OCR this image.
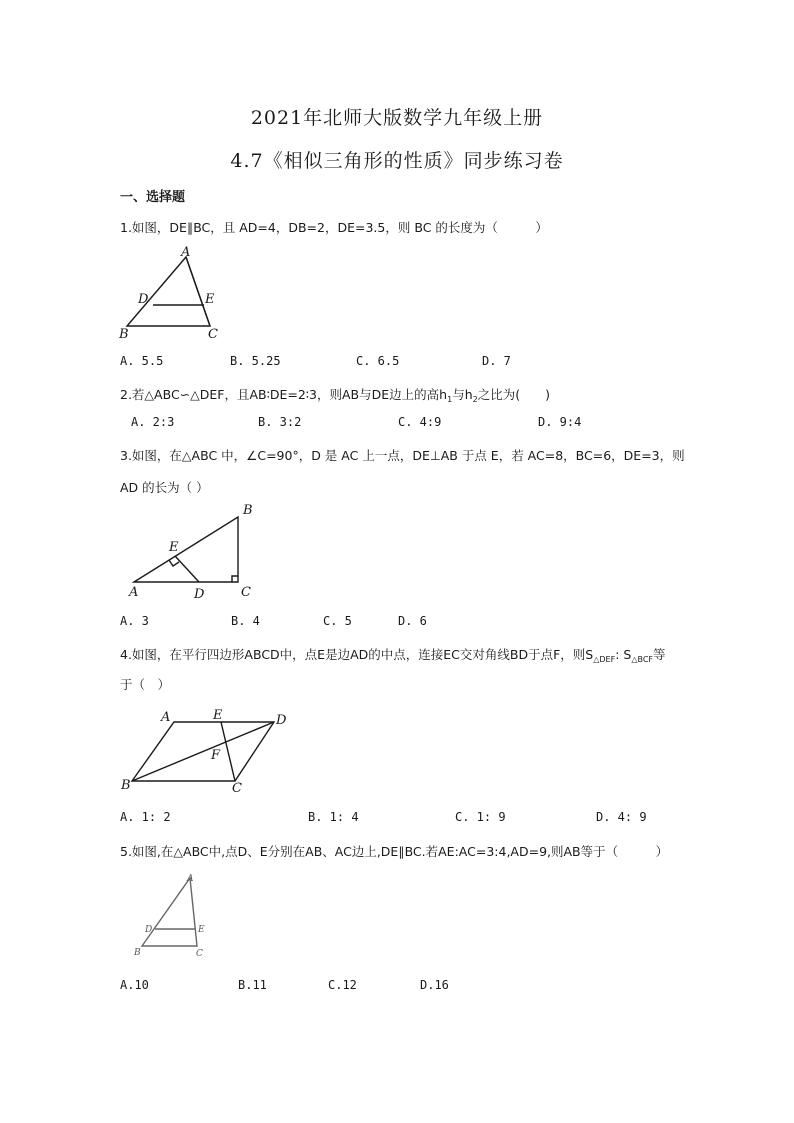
2021年北师大版数学九年级上册
4.7《相似三角形的性质》同步练习卷
一、选择题
1.如图，DE∥BC，且 AD=4，DB=2，DE=3.5，则 BC 的长度为（　　　）
A
D	E
B	C
A. 5.5	B. 5.25	C. 6.5	D. 7
2.若△ABC∽△DEF，且AB∶DE=2∶3，则AB与DE边上的高$h_1$与$h_2$之比为(　　)
A. 2:3	B. 3:2	C. 4:9	D. 9:4
3.如图，在△ABC 中，∠C=90°，D 是 AC 上一点，DE⊥AB 于点 E，若 AC=8，BC=6，DE=3，则
AD 的长为（ ）
B
E
A	D	C
A. 3	B. 4	C. 5	D. 6
4.如图，在平行四边形ABCD中，点E是边AD的中点，连接EC交对角线BD于点F，则$S_{\triangle DEF}$: $S_{\triangle BCF}$等
于（　）
A	E	D
F
B	C
A. 1: 2	B. 1: 4	C. 1: 9	D. 4: 9
5.如图,在△ABC中,点D、E分别在AB、AC边上,DE∥BC.若AE:AC=3:4,AD=9,则AB等于（　　　）
A
D	E
B	C
A.10	B.11	C.12	D.16
